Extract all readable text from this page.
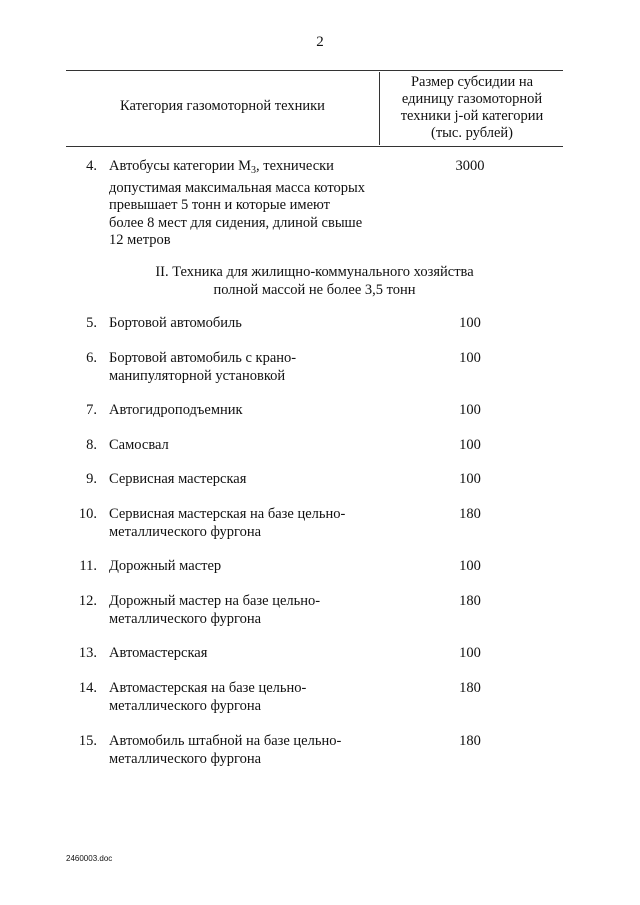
2
Категория газомоторной техники
Размер субсидии на
единицу газомоторной
техники j-ой категории
(тыс. рублей)
4. Автобусы категории $М_3$, технически
допустимая максимальная масса которых
превышает 5 тонн и которые имеют
более 8 мест для сидения, длиной свыше
12 метров
3000
II. Техника для жилищно-коммунального хозяйства
полной массой не более 3,5 тонн
5. Бортовой автомобиль	100
6. Бортовой автомобиль с крано-
манипуляторной установкой
100
7. Автогидроподъемник	100
8. Самосвал	100
9. Сервисная мастерская	100
10. Сервисная мастерская на базе цельно-
металлического фургона
180
11. Дорожный мастер	100
12. Дорожный мастер на базе цельно-
металлического фургона
180
13. Автомастерская	100
14. Автомастерская на базе цельно-
металлического фургона
180
15. Автомобиль штабной на базе цельно-
металлического фургона
180
2460003.doc
